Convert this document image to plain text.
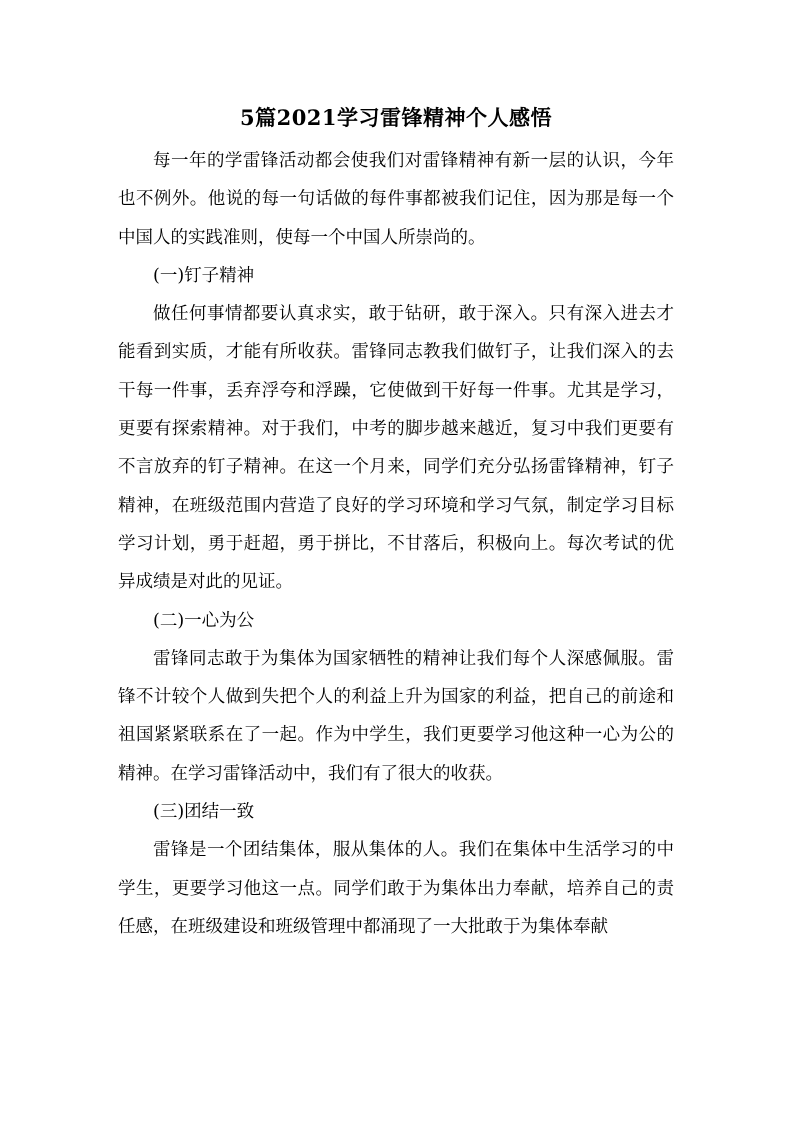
5篇2021学习雷锋精神个人感悟

每一年的学雷锋活动都会使我们对雷锋精神有新一层的认识，今年也不例外。他说的每一句话做的每件事都被我们记住，因为那是每一个中国人的实践准则，使每一个中国人所崇尚的。

(一)钉子精神

做任何事情都要认真求实，敢于钻研，敢于深入。只有深入进去才能看到实质，才能有所收获。雷锋同志教我们做钉子，让我们深入的去干每一件事，丢弃浮夸和浮躁，它使做到干好每一件事。尤其是学习，更要有探索精神。对于我们，中考的脚步越来越近，复习中我们更要有不言放弃的钉子精神。在这一个月来，同学们充分弘扬雷锋精神，钉子精神，在班级范围内营造了良好的学习环境和学习气氛，制定学习目标学习计划，勇于赶超，勇于拼比，不甘落后，积极向上。每次考试的优异成绩是对此的见证。

(二)一心为公

雷锋同志敢于为集体为国家牺牲的精神让我们每个人深感佩服。雷锋不计较个人做到失把个人的利益上升为国家的利益，把自己的前途和祖国紧紧联系在了一起。作为中学生，我们更要学习他这种一心为公的精神。在学习雷锋活动中，我们有了很大的收获。

(三)团结一致

雷锋是一个团结集体，服从集体的人。我们在集体中生活学习的中学生，更要学习他这一点。同学们敢于为集体出力奉献，培养自己的责任感，在班级建设和班级管理中都涌现了一大批敢于为集体奉献
